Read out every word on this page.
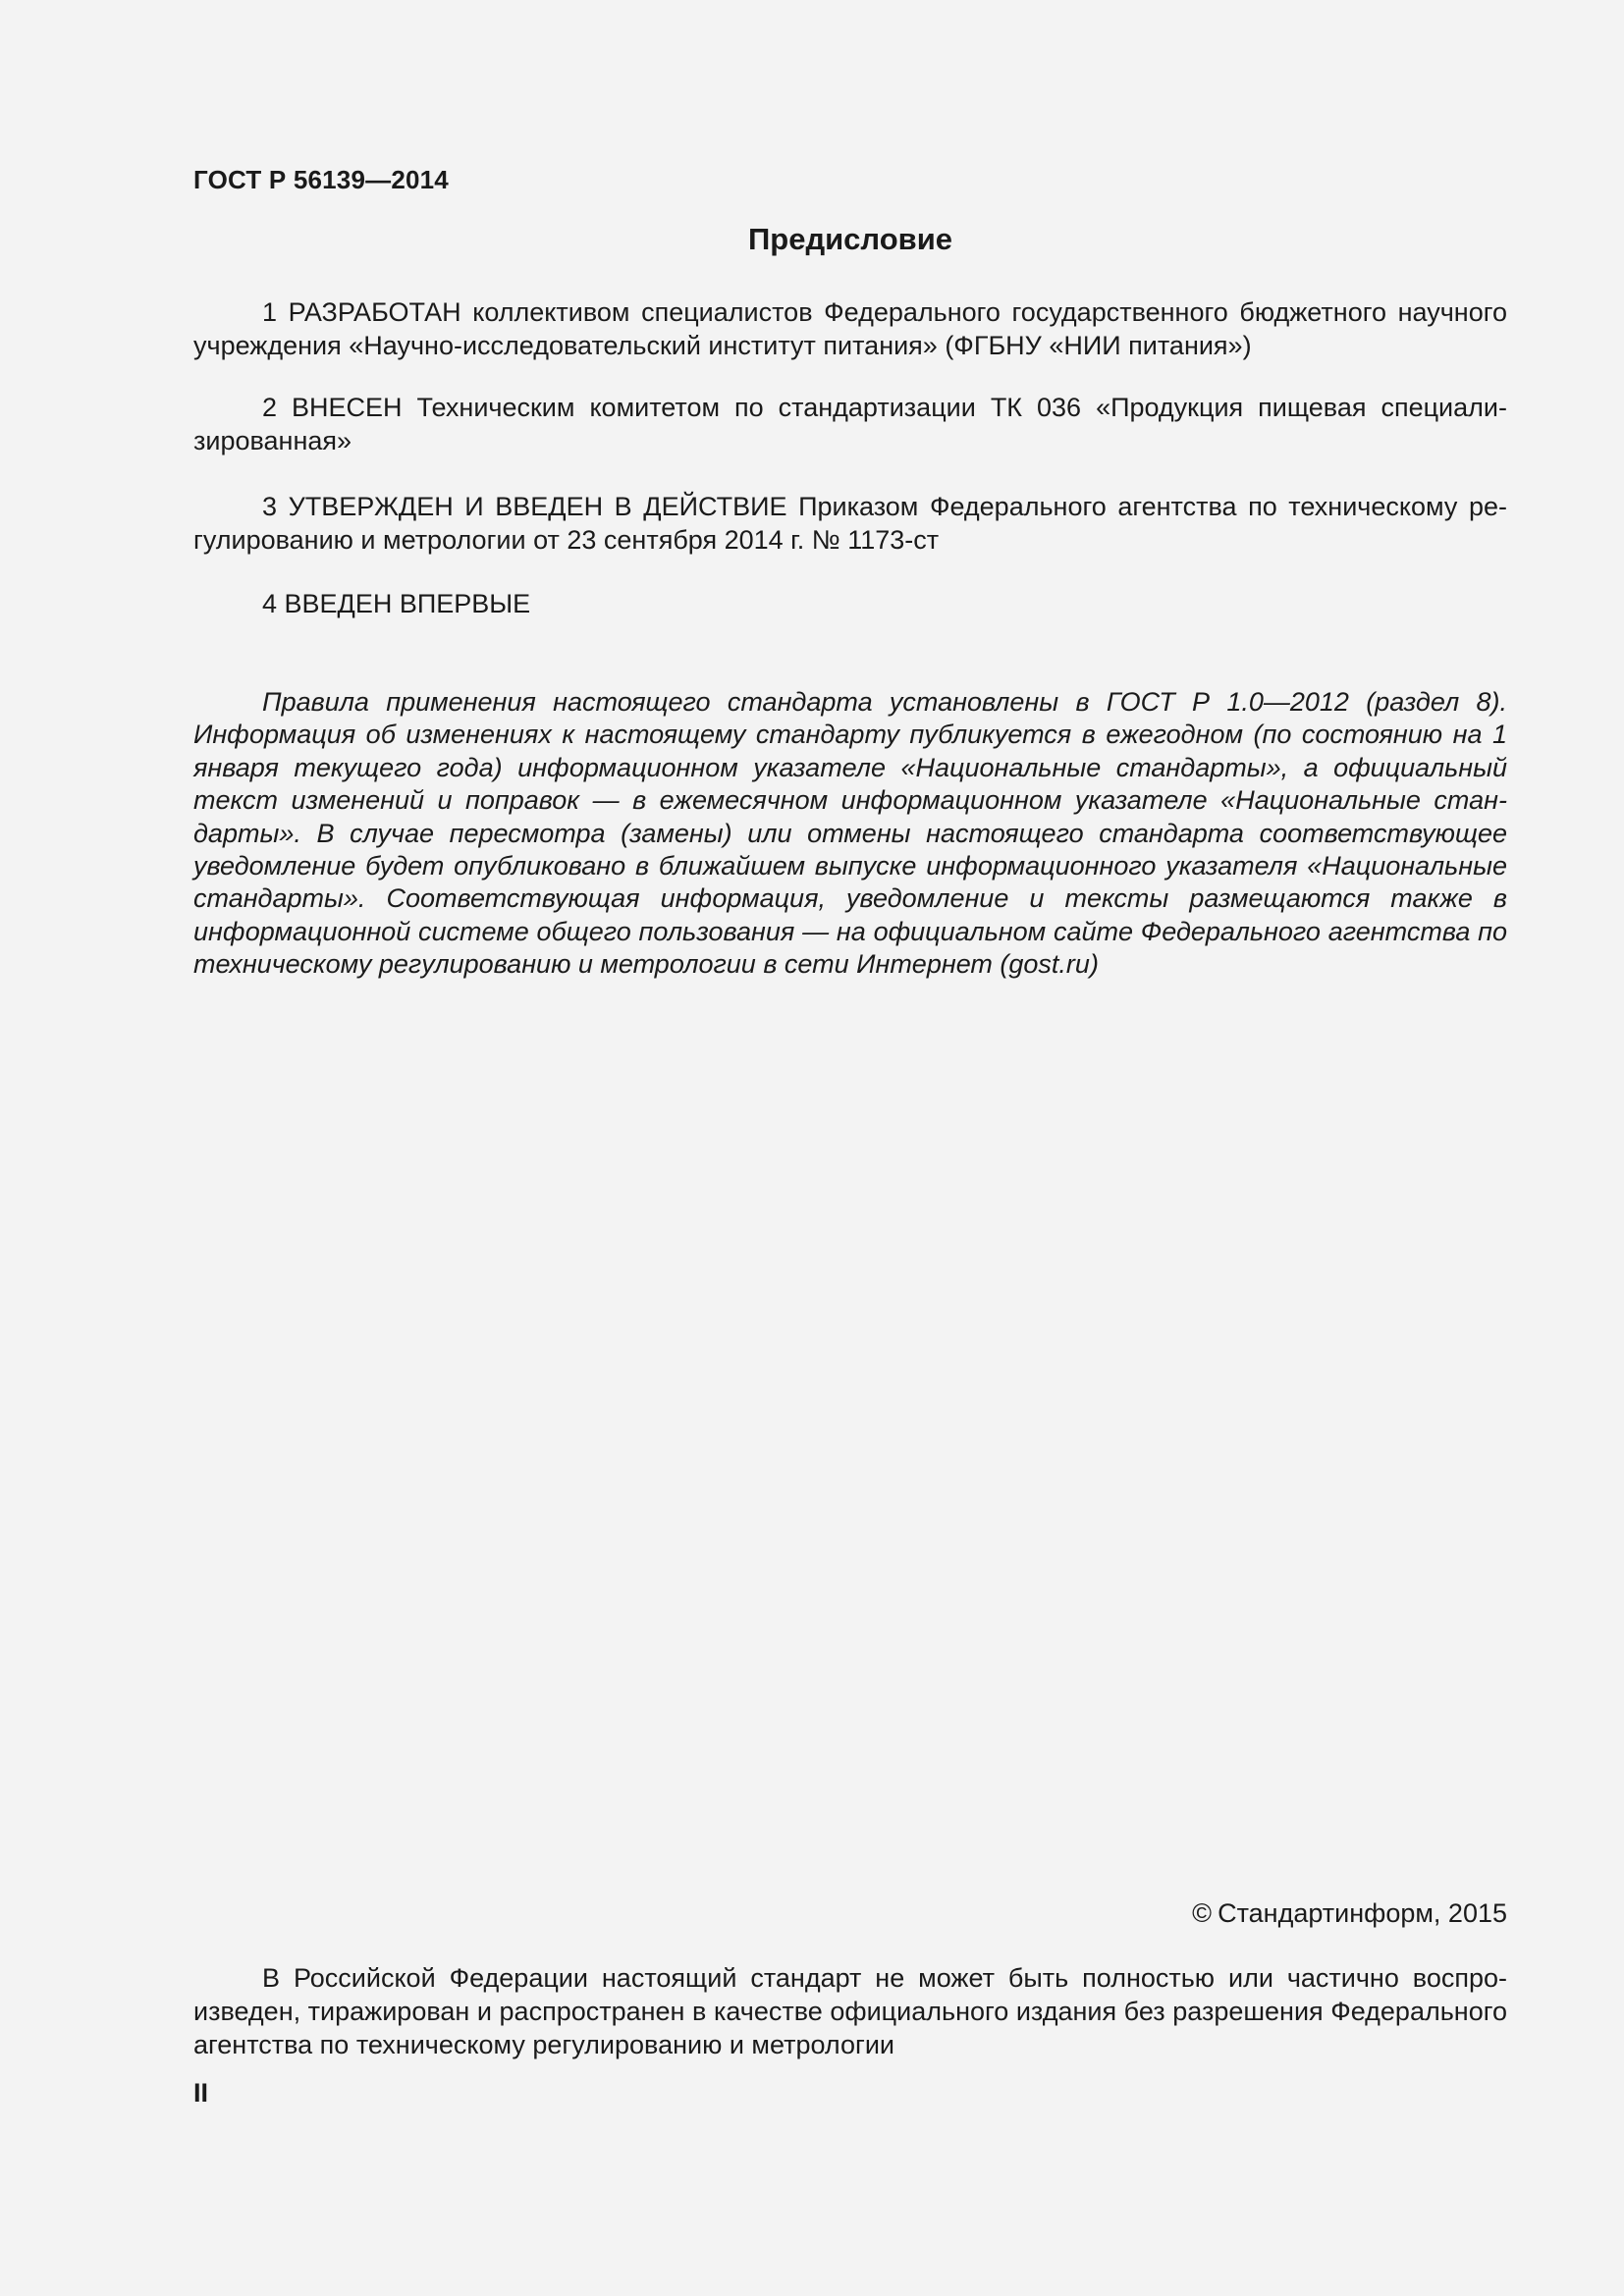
ГОСТ Р 56139—2014

Предисловие

1 РАЗРАБОТАН коллективом специалистов Федерального государственного бюджетного научного учреждения «Научно-исследовательский институт питания» (ФГБНУ «НИИ питания»)

2 ВНЕСЕН Техническим комитетом по стандартизации ТК 036 «Продукция пищевая специализированная»

3 УТВЕРЖДЕН И ВВЕДЕН В ДЕЙСТВИЕ Приказом Федерального агентства по техническому регулированию и метрологии от 23 сентября 2014 г. № 1173-ст

4 ВВЕДЕН ВПЕРВЫЕ

Правила применения настоящего стандарта установлены в ГОСТ Р 1.0—2012 (раздел 8). Информация об изменениях к настоящему стандарту публикуется в ежегодном (по состоянию на 1 января текущего года) информационном указателе «Национальные стандарты», а официальный текст изменений и поправок — в ежемесячном информационном указателе «Национальные стандарты». В случае пересмотра (замены) или отмены настоящего стандарта соответствующее уведомление будет опубликовано в ближайшем выпуске информационного указателя «Национальные стандарты». Соответствующая информация, уведомление и тексты размещаются также в информационной системе общего пользования — на официальном сайте Федерального агентства по техническому регулированию и метрологии в сети Интернет (gost.ru)

© Стандартинформ, 2015

В Российской Федерации настоящий стандарт не может быть полностью или частично воспроизведен, тиражирован и распространен в качестве официального издания без разрешения Федерального агентства по техническому регулированию и метрологии

II
